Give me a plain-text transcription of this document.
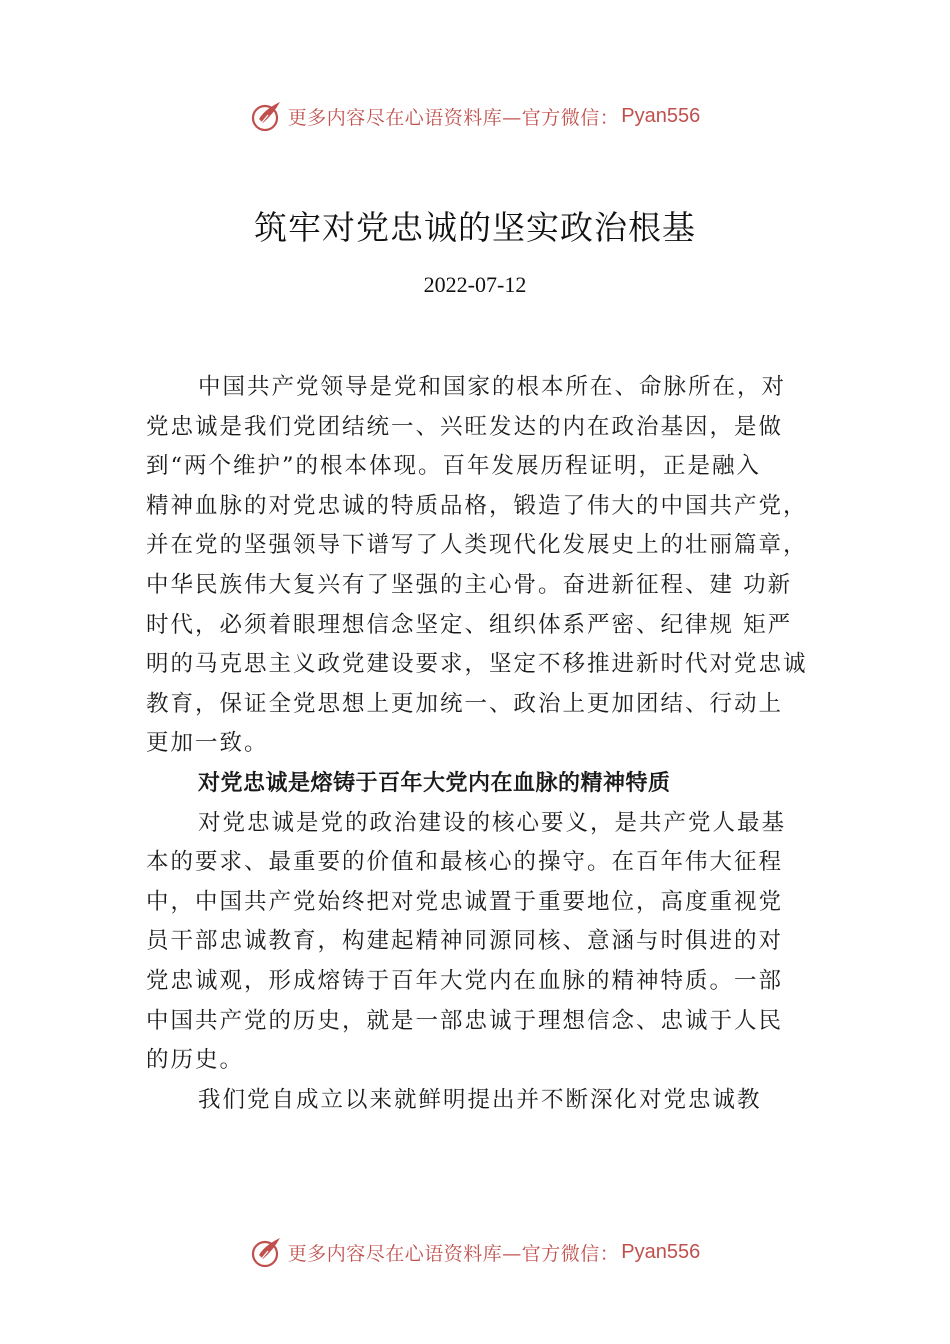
更多内容尽在心语资料库—官方微信： Pyan556
筑牢对党忠诚的坚实政治根基
2022-07-12
中国共产党领导是党和国家的根本所在、命脉所在，对
党忠诚是我们党团结统一、兴旺发达的内在政治基因，是做
到“两个维护”的根本体现。百年发展历程证明，正是融入
精神血脉的对党忠诚的特质品格，锻造了伟大的中国共产党，
并在党的坚强领导下谱写了人类现代化发展史上的壮丽篇章，
中华民族伟大复兴有了坚强的主心骨。奋进新征程、建 功新
时代，必须着眼理想信念坚定、组织体系严密、纪律规 矩严
明的马克思主义政党建设要求，坚定不移推进新时代对党忠诚
教育，保证全党思想上更加统一、政治上更加团结、行动上
更加一致。
对党忠诚是熔铸于百年大党内在血脉的精神特质
对党忠诚是党的政治建设的核心要义，是共产党人最基
本的要求、最重要的价值和最核心的操守。在百年伟大征程
中，中国共产党始终把对党忠诚置于重要地位，高度重视党
员干部忠诚教育，构建起精神同源同核、意涵与时俱进的对
党忠诚观，形成熔铸于百年大党内在血脉的精神特质。一部
中国共产党的历史，就是一部忠诚于理想信念、忠诚于人民
的历史。
我们党自成立以来就鲜明提出并不断深化对党忠诚教
更多内容尽在心语资料库—官方微信： Pyan556
